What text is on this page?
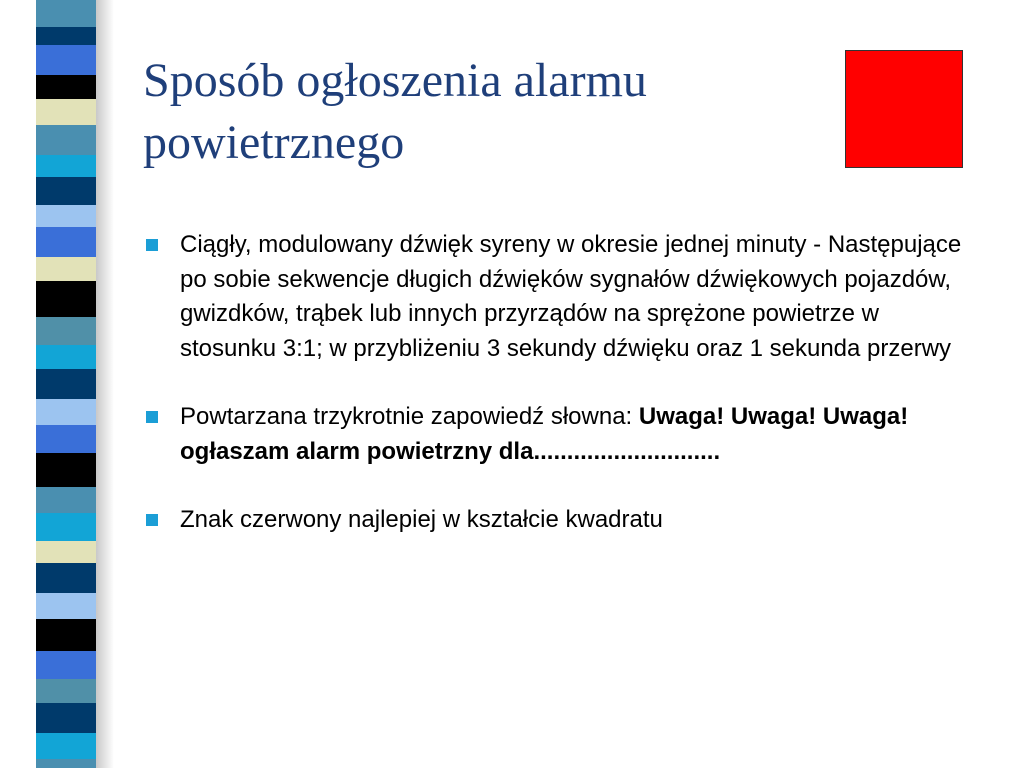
Sposób ogłoszenia alarmu powietrznego
Ciągły, modulowany dźwięk syreny w okresie jednej minuty - Następujące po sobie sekwencje długich dźwięków sygnałów dźwiękowych pojazdów, gwizdków, trąbek lub innych przyrządów na sprężone powietrze w stosunku 3:1; w przybliżeniu 3 sekundy dźwięku oraz 1 sekunda przerwy
Powtarzana trzykrotnie zapowiedź słowna: Uwaga! Uwaga! Uwaga! ogłaszam alarm powietrzny dla............................
Znak czerwony najlepiej w kształcie kwadratu
